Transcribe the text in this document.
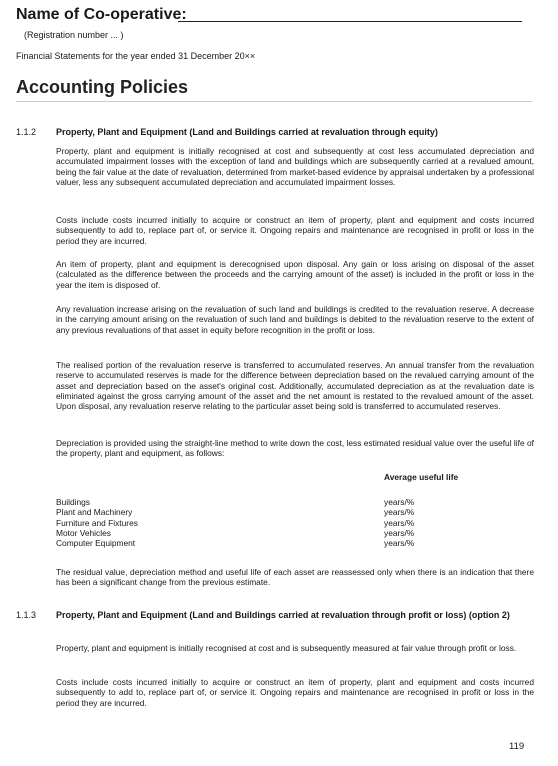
Name of Co-operative:
(Registration number ... )
Financial Statements for the year ended 31 December 20××
Accounting Policies
1.1.2 Property, Plant and Equipment (Land and Buildings carried at revaluation through equity)

Property, plant and equipment is initially recognised at cost and subsequently at cost less accumulated depreciation and accumulated impairment losses with the exception of land and buildings which are subsequently carried at a revalued amount, being the fair value at the date of revaluation, determined from market-based evidence by appraisal undertaken by a professional valuer, less any subsequent accumulated depreciation and accumulated impairment losses.

Costs include costs incurred initially to acquire or construct an item of property, plant and equipment and costs incurred subsequently to add to, replace part of, or service it. Ongoing repairs and maintenance are recognised in profit or loss in the period they are incurred.

An item of property, plant and equipment is derecognised upon disposal. Any gain or loss arising on disposal of the asset (calculated as the difference between the proceeds and the carrying amount of the asset) is included in the profit or loss in the year the item is disposed of.

Any revaluation increase arising on the revaluation of such land and buildings is credited to the revaluation reserve. A decrease in the carrying amount arising on the revaluation of such land and buildings is debited to the revaluation reserve to the extent of any previous revaluations of that asset in equity before recognition in the profit or loss.

The realised portion of the revaluation reserve is transferred to accumulated reserves. An annual transfer from the revaluation reserve to accumulated reserves is made for the difference between depreciation based on the revalued carrying amount of the asset and depreciation based on the asset's original cost. Additionally, accumulated depreciation as at the revaluation date is eliminated against the gross carrying amount of the asset and the net amount is restated to the revalued amount of the asset. Upon disposal, any revaluation reserve relating to the particular asset being sold is transferred to accumulated reserves.

Depreciation is provided using the straight-line method to write down the cost, less estimated residual value over the useful life of the property, plant and equipment, as follows:

Average useful life
Buildings	years/%
Plant and Machinery	years/%
Furniture and Fixtures	years/%
Motor Vehicles	years/%
Computer Equipment	years/%

The residual value, depreciation method and useful life of each asset are reassessed only when there is an indication that there has been a significant change from the previous estimate.

1.1.3 Property, Plant and Equipment (Land and Buildings carried at revaluation through profit or loss) (option 2)

Property, plant and equipment is initially recognised at cost and is subsequently measured at fair value through profit or loss.

Costs include costs incurred initially to acquire or construct an item of property, plant and equipment and costs incurred subsequently to add to, replace part of, or service it. Ongoing repairs and maintenance are recognised in profit or loss in the period they are incurred.

119
